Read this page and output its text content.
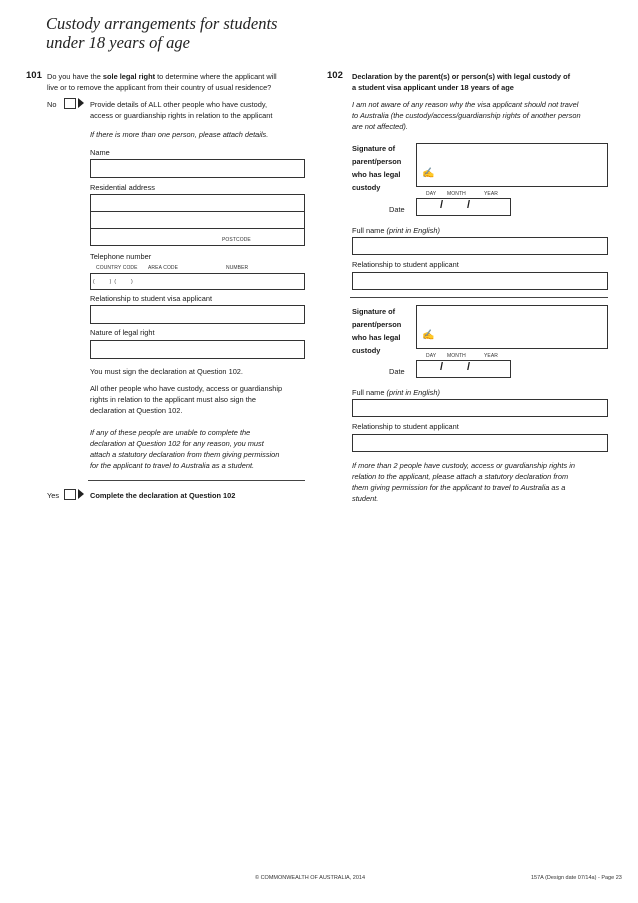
Custody arrangements for students
under 18 years of age
101 Do you have the sole legal right to determine where the applicant will
live or to remove the applicant from their country of usual residence?
No	Provide details of ALL other people who have custody,
access or guardianship rights in relation to the applicant
If there is more than one person, please attach details.
Name
Residential address
POSTCODE
Telephone number
COUNTRY CODE AREA CODE	NUMBER
(          )  (          )
Relationship to student visa applicant
Nature of legal right
You must sign the declaration at Question 102.
All other people who have custody, access or guardianship
rights in relation to the applicant must also sign the
declaration at Question 102.
If any of these people are unable to complete the
declaration at Question 102 for any reason, you must
attach a statutory declaration from them giving permission
for the applicant to travel to Australia as a student.
Yes	Complete the declaration at Question 102
102 Declaration by the parent(s) or person(s) with legal custody of
a student visa applicant under 18 years of age
I am not aware of any reason why the visa applicant should not travel
to Australia (the custody/access/guardianship rights of another person
are not affected).
Signature of
parent/person
who has legal
custody
✍
DAY MONTH	YEAR
Date	/ /
Full name (print in English)
Relationship to student applicant
Signature of
parent/person
who has legal
custody
✍
DAY MONTH	YEAR
Date	/ /
Full name (print in English)
Relationship to student applicant
If more than 2 people have custody, access or guardianship rights in
relation to the applicant, please attach a statutory declaration from
them giving permission for the applicant to travel to Australia as a
student.
© COMMONWEALTH OF AUSTRALIA, 2014	157A (Design date 07/14a) - Page 23
